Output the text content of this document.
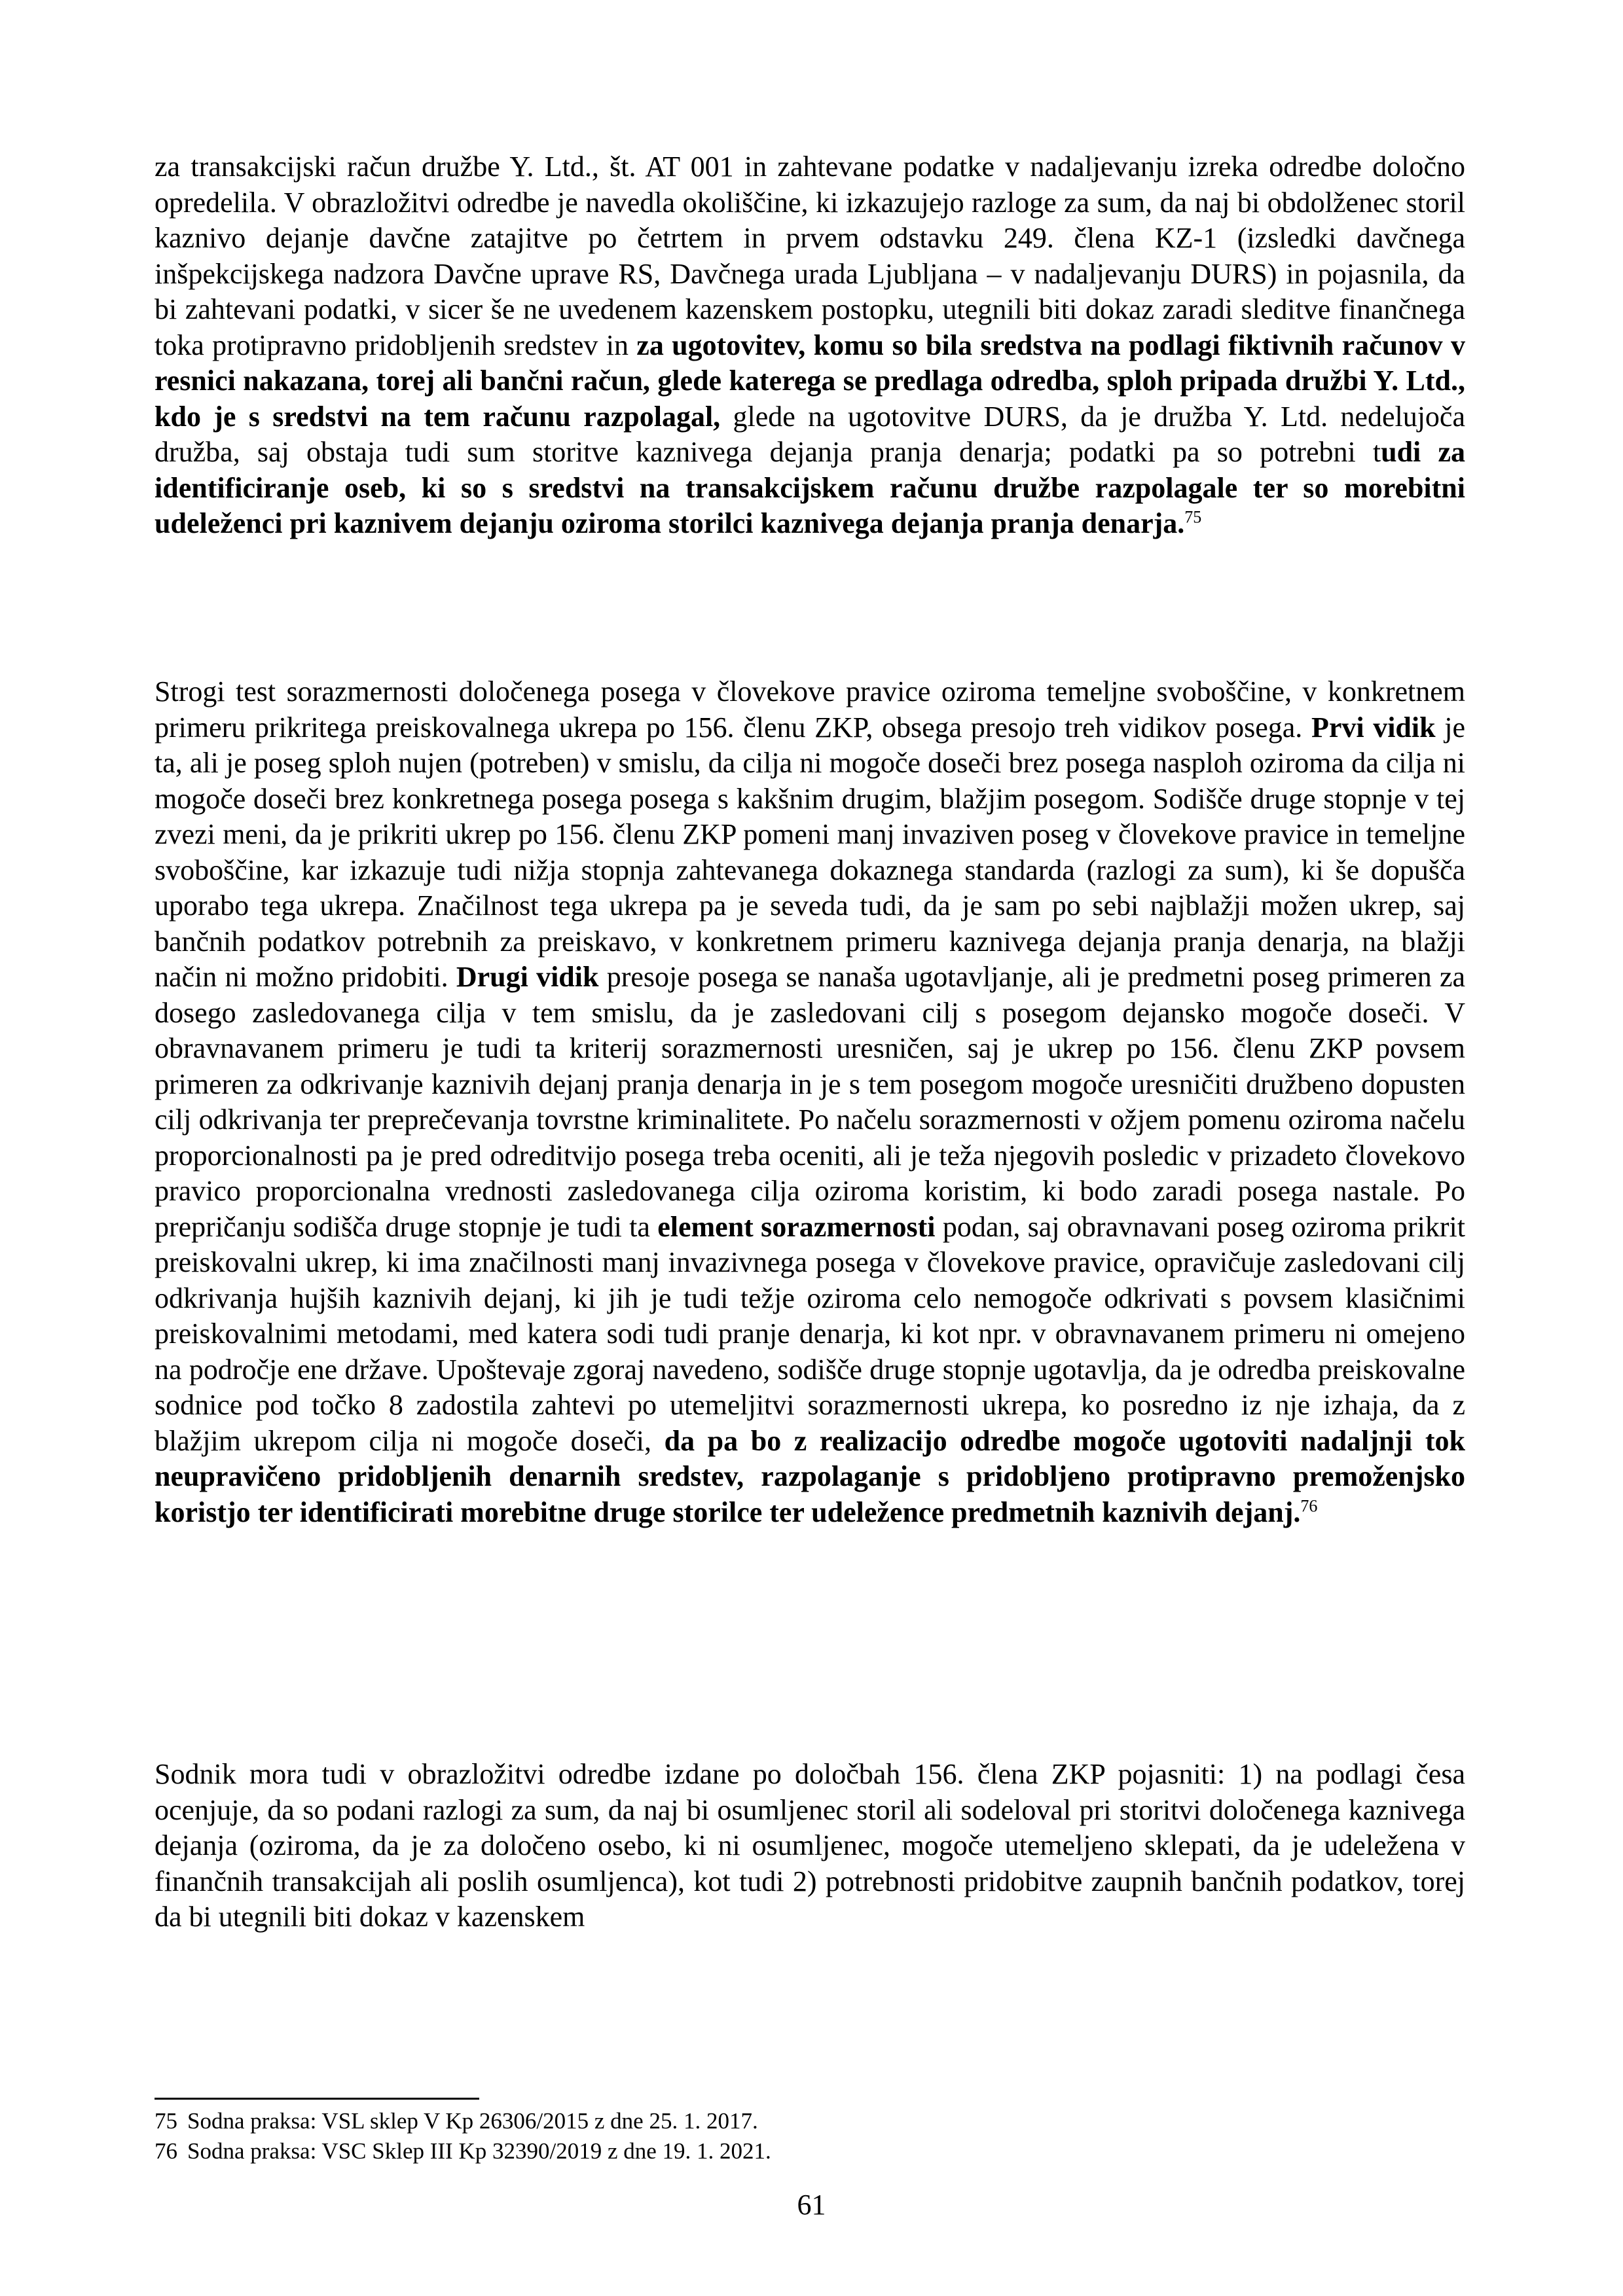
za transakcijski račun družbe Y. Ltd., št. AT 001 in zahtevane podatke v nadaljevanju izreka odredbe določno opredelila. V obrazložitvi odredbe je navedla okoliščine, ki izkazujejo razloge za sum, da naj bi obdolženec storil kaznivo dejanje davčne zatajitve po četrtem in prvem odstavku 249. člena KZ-1 (izsledki davčnega inšpekcijskega nadzora Davčne uprave RS, Davčnega urada Ljubljana – v nadaljevanju DURS) in pojasnila, da bi zahtevani podatki, v sicer še ne uvedenem kazenskem postopku, utegnili biti dokaz zaradi sleditve finančnega toka protipravno pridobljenih sredstev in za ugotovitev, komu so bila sredstva na podlagi fiktivnih računov v resnici nakazana, torej ali bančni račun, glede katerega se predlaga odredba, sploh pripada družbi Y. Ltd., kdo je s sredstvi na tem računu razpolagal, glede na ugotovitve DURS, da je družba Y. Ltd. nedelujoča družba, saj obstaja tudi sum storitve kaznivega dejanja pranja denarja; podatki pa so potrebni tudi za identificiranje oseb, ki so s sredstvi na transakcijskem računu družbe razpolagale ter so morebitni udeleženci pri kaznivem dejanju oziroma storilci kaznivega dejanja pranja denarja.$^{75}$

Strogi test sorazmernosti določenega posega v človekove pravice oziroma temeljne svoboščine, v konkretnem primeru prikritega preiskovalnega ukrepa po 156. členu ZKP, obsega presojo treh vidikov posega. Prvi vidik je ta, ali je poseg sploh nujen (potreben) v smislu, da cilja ni mogoče doseči brez posega nasploh oziroma da cilja ni mogoče doseči brez konkretnega posega posega s kakšnim drugim, blažjim posegom. Sodišče druge stopnje v tej zvezi meni, da je prikriti ukrep po 156. členu ZKP pomeni manj invaziven poseg v človekove pravice in temeljne svoboščine, kar izkazuje tudi nižja stopnja zahtevanega dokaznega standarda (razlogi za sum), ki še dopušča uporabo tega ukrepa. Značilnost tega ukrepa pa je seveda tudi, da je sam po sebi najblažji možen ukrep, saj bančnih podatkov potrebnih za preiskavo, v konkretnem primeru kaznivega dejanja pranja denarja, na blažji način ni možno pridobiti. Drugi vidik presoje posega se nanaša ugotavljanje, ali je predmetni poseg primeren za dosego zasledovanega cilja v tem smislu, da je zasledovani cilj s posegom dejansko mogoče doseči. V obravnavanem primeru je tudi ta kriterij sorazmernosti uresničen, saj je ukrep po 156. členu ZKP povsem primeren za odkrivanje kaznivih dejanj pranja denarja in je s tem posegom mogoče uresničiti družbeno dopusten cilj odkrivanja ter preprečevanja tovrstne kriminalitete. Po načelu sorazmernosti v ožjem pomenu oziroma načelu proporcionalnosti pa je pred odreditvijo posega treba oceniti, ali je teža njegovih posledic v prizadeto človekovo pravico proporcionalna vrednosti zasledovanega cilja oziroma koristim, ki bodo zaradi posega nastale. Po prepričanju sodišča druge stopnje je tudi ta element sorazmernosti podan, saj obravnavani poseg oziroma prikrit preiskovalni ukrep, ki ima značilnosti manj invazivnega posega v človekove pravice, opravičuje zasledovani cilj odkrivanja hujših kaznivih dejanj, ki jih je tudi težje oziroma celo nemogoče odkrivati s povsem klasičnimi preiskovalnimi metodami, med katera sodi tudi pranje denarja, ki kot npr. v obravnavanem primeru ni omejeno na področje ene države. Upoštevaje zgoraj navedeno, sodišče druge stopnje ugotavlja, da je odredba preiskovalne sodnice pod točko 8 zadostila zahtevi po utemeljitvi sorazmernosti ukrepa, ko posredno iz nje izhaja, da z blažjim ukrepom cilja ni mogoče doseči, da pa bo z realizacijo odredbe mogoče ugotoviti nadaljnji tok neupravičeno pridobljenih denarnih sredstev, razpolaganje s pridobljeno protipravno premoženjsko koristjo ter identificirati morebitne druge storilce ter udeležence predmetnih kaznivih dejanj.$^{76}$

Sodnik mora tudi v obrazložitvi odredbe izdane po določbah 156. člena ZKP pojasniti: 1) na podlagi česa ocenjuje, da so podani razlogi za sum, da naj bi osumljenec storil ali sodeloval pri storitvi določenega kaznivega dejanja (oziroma, da je za določeno osebo, ki ni osumljenec, mogoče utemeljeno sklepati, da je udeležena v finančnih transakcijah ali poslih osumljenca), kot tudi 2) potrebnosti pridobitve zaupnih bančnih podatkov, torej da bi utegnili biti dokaz v kazenskem

75 Sodna praksa: VSL sklep V Kp 26306/2015 z dne 25. 1. 2017.
76 Sodna praksa: VSC Sklep III Kp 32390/2019 z dne 19. 1. 2021.
61
